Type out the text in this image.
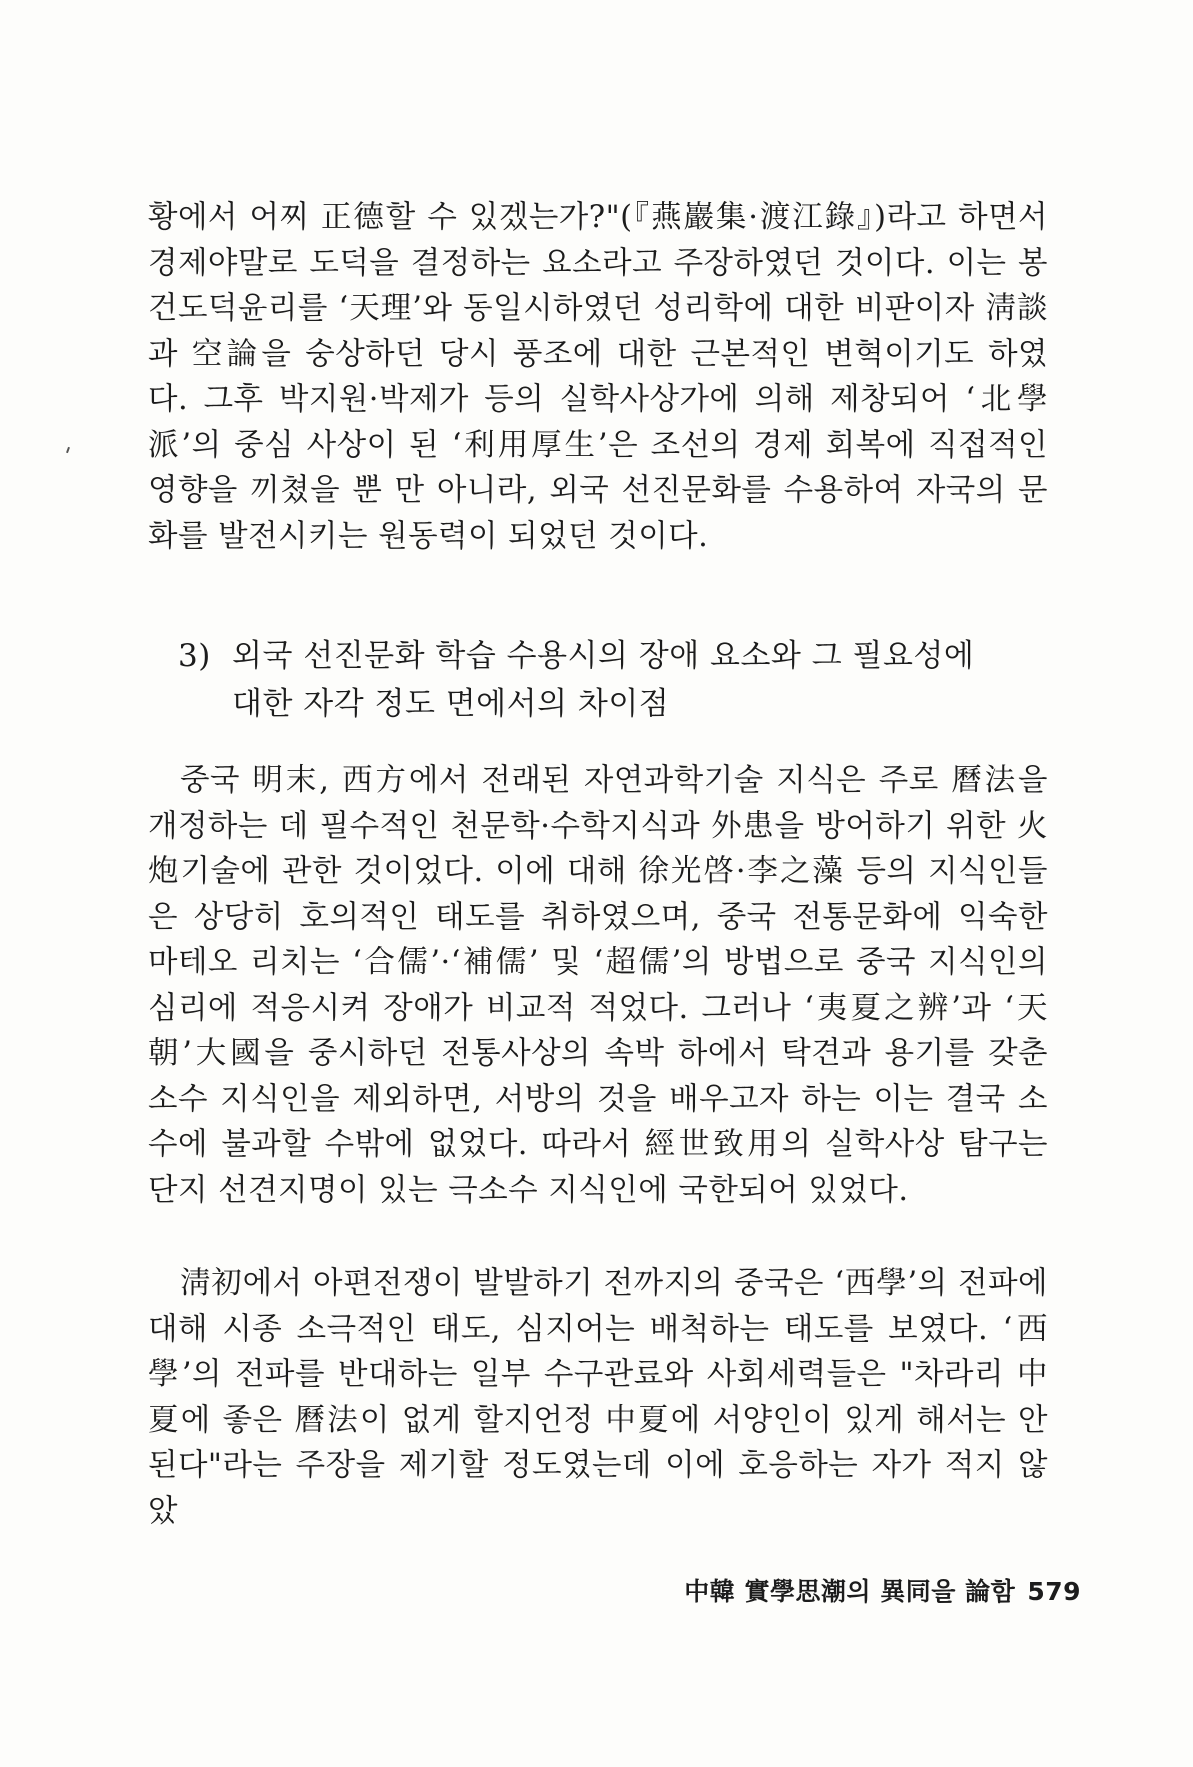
황에서 어찌 正德할 수 있겠는가?"(『燕巖集·渡江錄』)라고 하면서 경제야말로 도덕을 결정하는 요소라고 주장하였던 것이다. 이는 봉건도덕윤리를 ‘天理’와 동일시하였던 성리학에 대한 비판이자 淸談과 空論을 숭상하던 당시 풍조에 대한 근본적인 변혁이기도 하였다. 그후 박지원·박제가 등의 실학사상가에 의해 제창되어 ‘北學派’의 중심 사상이 된 ‘利用厚生’은 조선의 경제 회복에 직접적인 영향을 끼쳤을 뿐 만 아니라, 외국 선진문화를 수용하여 자국의 문화를 발전시키는 원동력이 되었던 것이다.
3) 외국 선진문화 학습 수용시의 장애 요소와 그 필요성에
대한 자각 정도 면에서의 차이점
중국 明末, 西方에서 전래된 자연과학기술 지식은 주로 曆法을 개정하는 데 필수적인 천문학·수학지식과 外患을 방어하기 위한 火炮기술에 관한 것이었다. 이에 대해 徐光啓·李之藻 등의 지식인들은 상당히 호의적인 태도를 취하였으며, 중국 전통문화에 익숙한 마테오 리치는 ‘合儒’·‘補儒’ 및 ‘超儒’의 방법으로 중국 지식인의 심리에 적응시켜 장애가 비교적 적었다. 그러나 ‘夷夏之辨’과 ‘天朝’大國을 중시하던 전통사상의 속박 하에서 탁견과 용기를 갖춘 소수 지식인을 제외하면, 서방의 것을 배우고자 하는 이는 결국 소수에 불과할 수밖에 없었다. 따라서 經世致用의 실학사상 탐구는 단지 선견지명이 있는 극소수 지식인에 국한되어 있었다.
淸初에서 아편전쟁이 발발하기 전까지의 중국은 ‘西學’의 전파에 대해 시종 소극적인 태도, 심지어는 배척하는 태도를 보였다. ‘西學’의 전파를 반대하는 일부 수구관료와 사회세력들은 "차라리 中夏에 좋은 曆法이 없게 할지언정 中夏에 서양인이 있게 해서는 안된다"라는 주장을 제기할 정도였는데 이에 호응하는 자가 적지 않았
中韓 實學思潮의 異同을 論함 579
